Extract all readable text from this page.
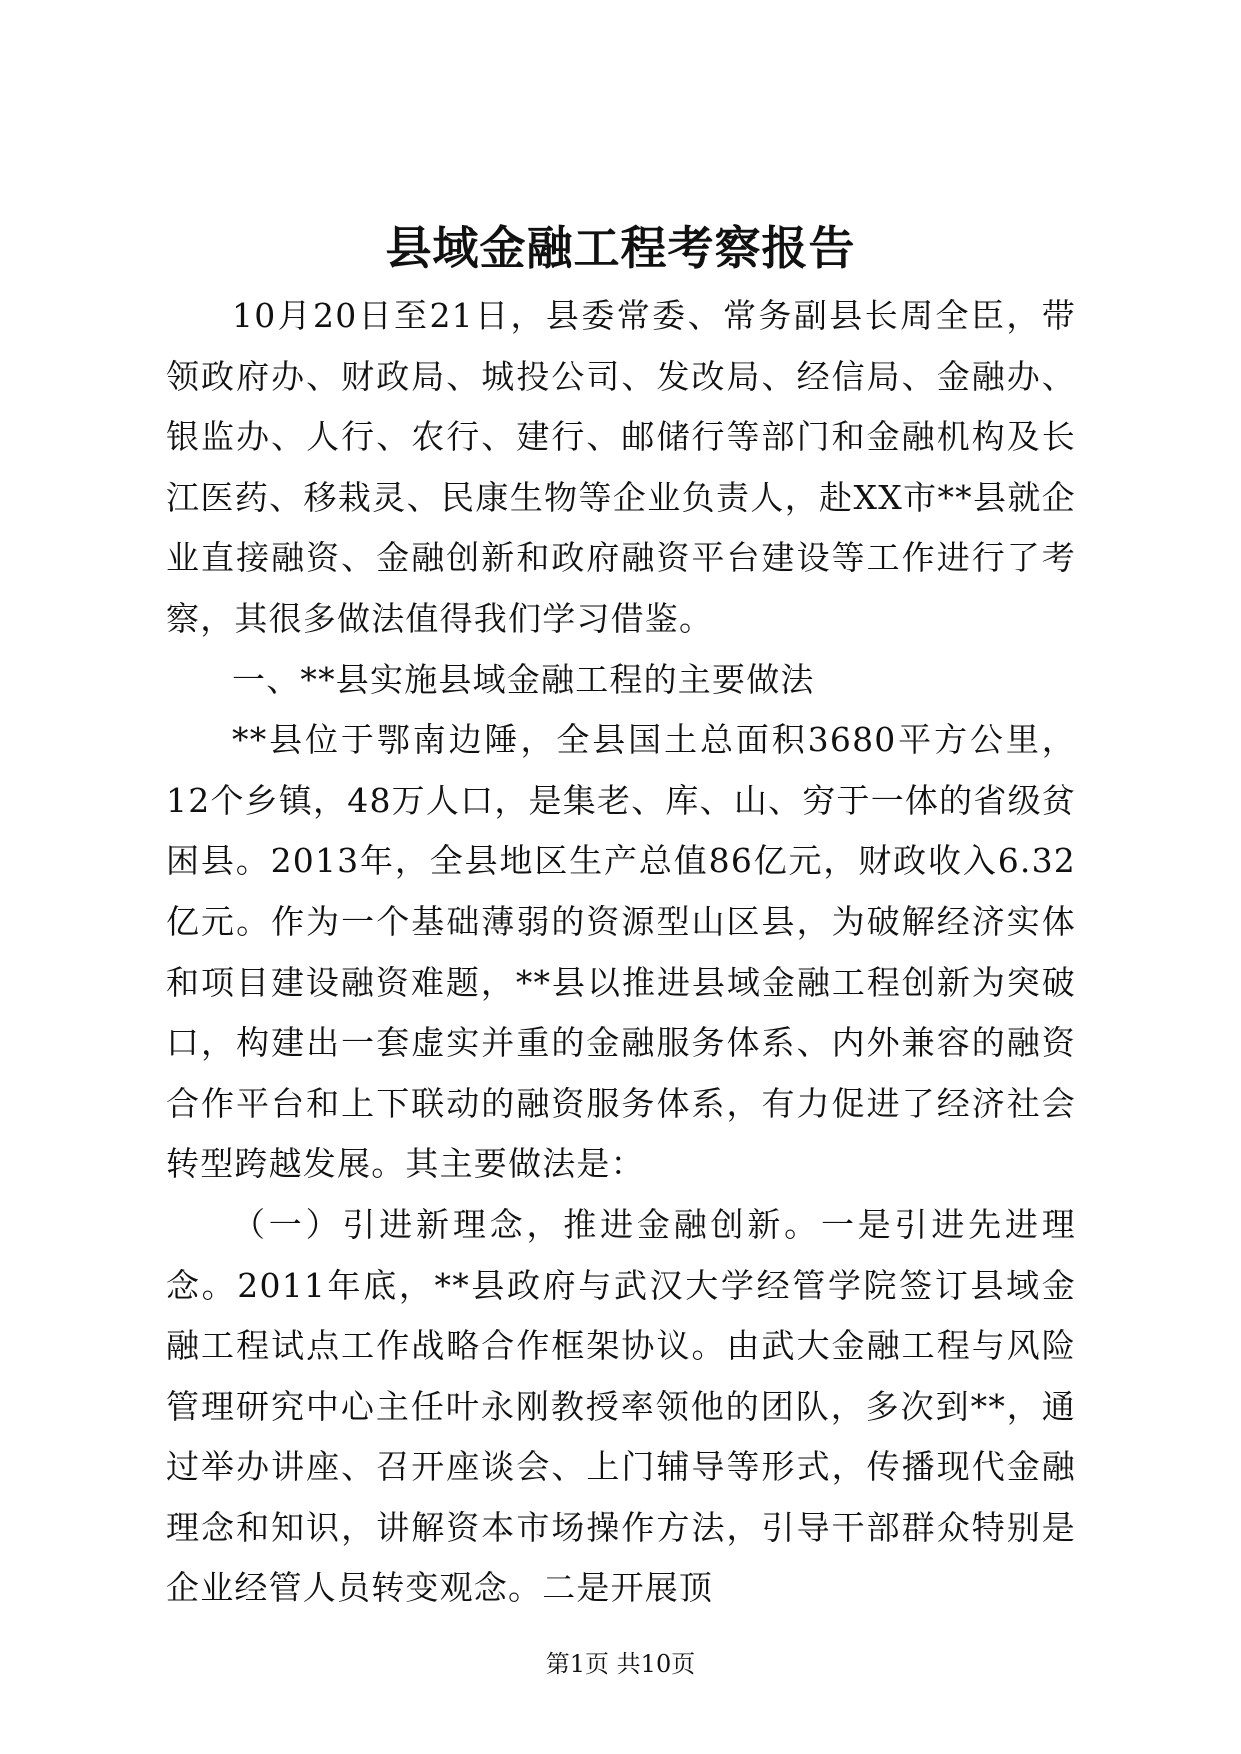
县域金融工程考察报告

10月20日至21日，县委常委、常务副县长周全臣，带领政府办、财政局、城投公司、发改局、经信局、金融办、银监办、人行、农行、建行、邮储行等部门和金融机构及长江医药、移栽灵、民康生物等企业负责人，赴XX市**县就企业直接融资、金融创新和政府融资平台建设等工作进行了考察，其很多做法值得我们学习借鉴。

一、**县实施县域金融工程的主要做法

**县位于鄂南边陲，全县国土总面积3680平方公里，12个乡镇，48万人口，是集老、库、山、穷于一体的省级贫困县。2013年，全县地区生产总值86亿元，财政收入6.32亿元。作为一个基础薄弱的资源型山区县，为破解经济实体和项目建设融资难题，**县以推进县域金融工程创新为突破口，构建出一套虚实并重的金融服务体系、内外兼容的融资合作平台和上下联动的融资服务体系，有力促进了经济社会转型跨越发展。其主要做法是：

（一）引进新理念，推进金融创新。一是引进先进理念。2011年底，**县政府与武汉大学经管学院签订县域金融工程试点工作战略合作框架协议。由武大金融工程与风险管理研究中心主任叶永刚教授率领他的团队，多次到**，通过举办讲座、召开座谈会、上门辅导等形式，传播现代金融理念和知识，讲解资本市场操作方法，引导干部群众特别是企业经管人员转变观念。二是开展顶

第1页 共10页
